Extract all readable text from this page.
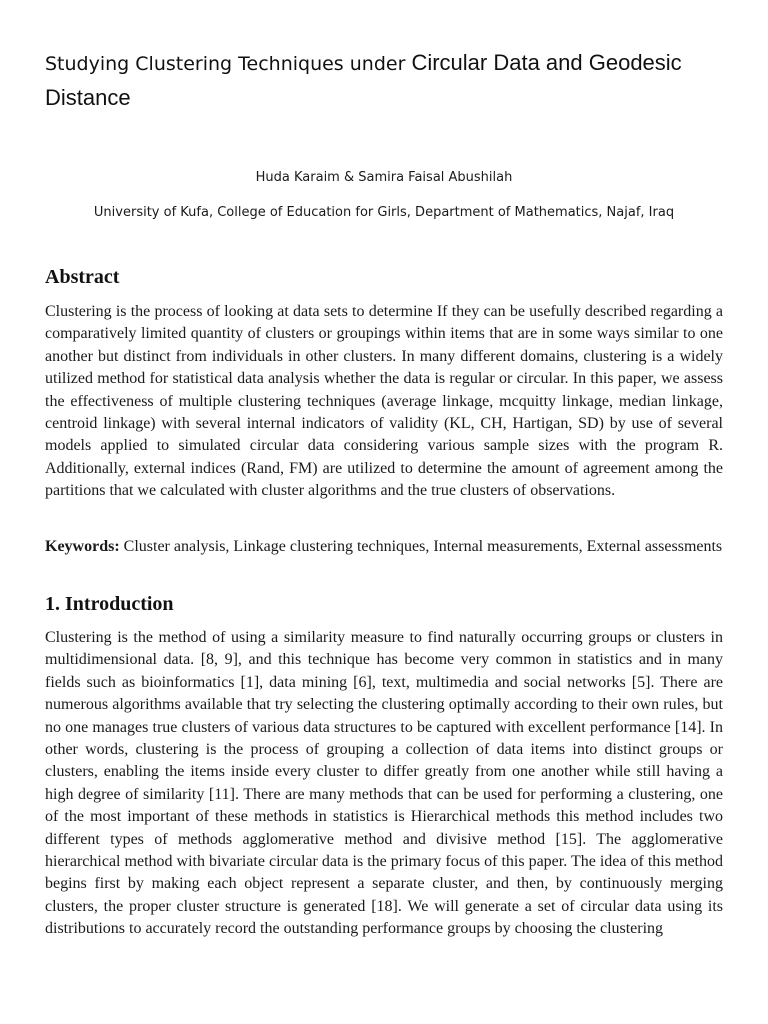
Studying Clustering Techniques under Circular Data and Geodesic Distance

Huda Karaim & Samira Faisal Abushilah

University of Kufa, College of Education for Girls, Department of Mathematics, Najaf, Iraq

Abstract

Clustering is the process of looking at data sets to determine If they can be usefully described regarding a comparatively limited quantity of clusters or groupings within items that are in some ways similar to one another but distinct from individuals in other clusters. In many different domains, clustering is a widely utilized method for statistical data analysis whether the data is regular or circular. In this paper, we assess the effectiveness of multiple clustering techniques (average linkage, mcquitty linkage, median linkage, centroid linkage) with several internal indicators of validity (KL, CH, Hartigan, SD) by use of several models applied to simulated circular data considering various sample sizes with the program R. Additionally, external indices (Rand, FM) are utilized to determine the amount of agreement among the partitions that we calculated with cluster algorithms and the true clusters of observations.

Keywords: Cluster analysis, Linkage clustering techniques, Internal measurements, External assessments

1. Introduction

Clustering is the method of using a similarity measure to find naturally occurring groups or clusters in multidimensional data. [8, 9], and this technique has become very common in statistics and in many fields such as bioinformatics [1], data mining [6], text, multimedia and social networks [5]. There are numerous algorithms available that try selecting the clustering optimally according to their own rules, but no one manages true clusters of various data structures to be captured with excellent performance [14]. In other words, clustering is the process of grouping a collection of data items into distinct groups or clusters, enabling the items inside every cluster to differ greatly from one another while still having a high degree of similarity [11]. There are many methods that can be used for performing a clustering, one of the most important of these methods in statistics is Hierarchical methods this method includes two different types of methods agglomerative method and divisive method [15]. The agglomerative hierarchical method with bivariate circular data is the primary focus of this paper. The idea of this method begins first by making each object represent a separate cluster, and then, by continuously merging clusters, the proper cluster structure is generated [18]. We will generate a set of circular data using its distributions to accurately record the outstanding performance groups by choosing the clustering
